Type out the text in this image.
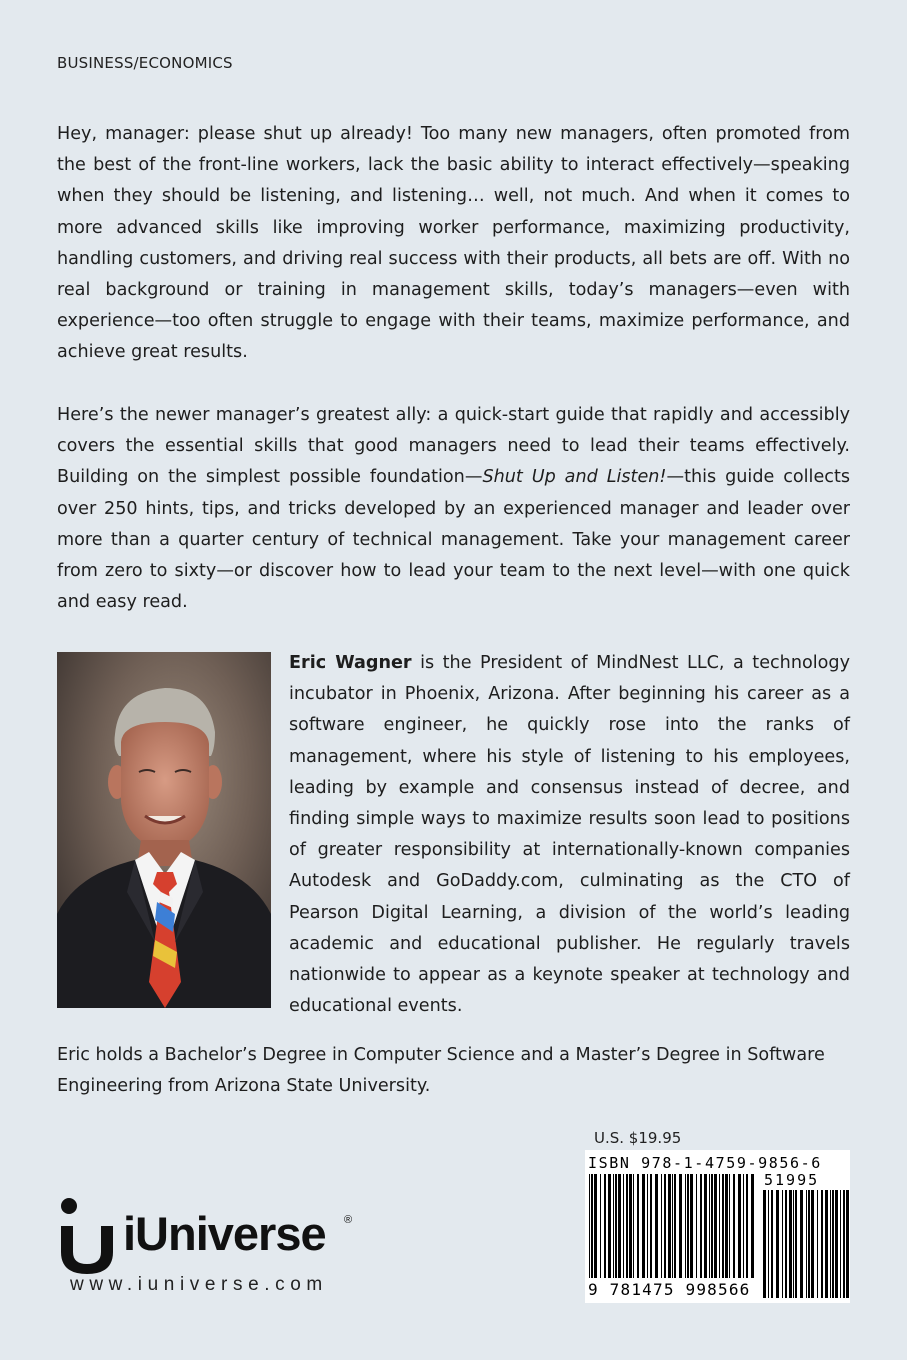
BUSINESS/ECONOMICS

Hey, manager: please shut up already! Too many new managers, often promoted from the best of the front-line workers, lack the basic ability to interact effectively—speaking when they should be listening, and listening… well, not much. And when it comes to more advanced skills like improving worker performance, maximizing productivity, handling customers, and driving real success with their products, all bets are off. With no real background or training in management skills, today’s managers—even with experience—too often struggle to engage with their teams, maximize performance, and achieve great results.

Here’s the newer manager’s greatest ally: a quick-start guide that rapidly and accessibly covers the essential skills that good managers need to lead their teams effectively. Building on the simplest possible foundation—Shut Up and Listen!—this guide collects over 250 hints, tips, and tricks developed by an experienced manager and leader over more than a quarter century of technical management. Take your management career from zero to sixty—or discover how to lead your team to the next level—with one quick and easy read.

Eric Wagner is the President of MindNest LLC, a technology incubator in Phoenix, Arizona. After beginning his career as a software engineer, he quickly rose into the ranks of management, where his style of listening to his employees, leading by example and consensus instead of decree, and finding simple ways to maximize results soon lead to positions of greater responsibility at internationally-known companies Autodesk and GoDaddy.com, culminating as the CTO of Pearson Digital Learning, a division of the world’s leading academic and educational publisher. He regularly travels nationwide to appear as a keynote speaker at technology and educational events.

Eric holds a Bachelor’s Degree in Computer Science and a Master’s Degree in Software Engineering from Arizona State University.

U.S. $19.95
ISBN 978-1-4759-9856-6
51995
9 781475 998566
iUniverse ®
www.iuniverse.com
